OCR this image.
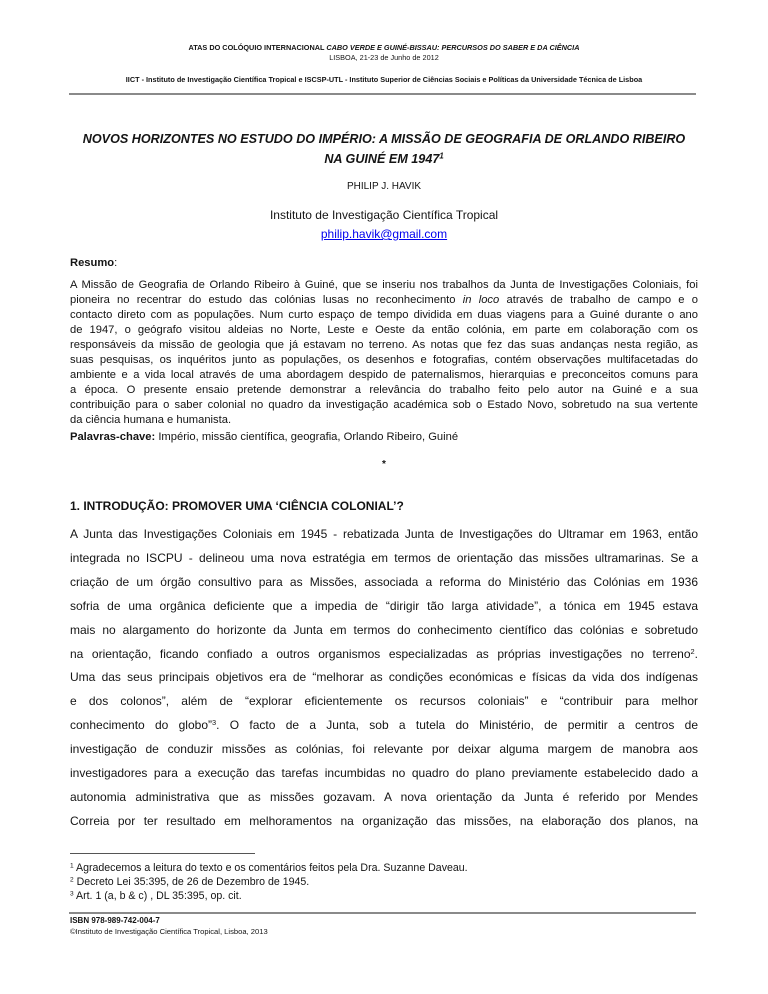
ATAS DO COLÓQUIO INTERNACIONAL CABO VERDE E GUINÉ-BISSAU: PERCURSOS DO SABER E DA CIÊNCIA
LISBOA, 21-23 de Junho de 2012
IICT - Instituto de Investigação Científica Tropical e ISCSP-UTL - Instituto Superior de Ciências Sociais e Políticas da Universidade Técnica de Lisboa
NOVOS HORIZONTES NO ESTUDO DO IMPÉRIO: A MISSÃO DE GEOGRAFIA DE ORLANDO RIBEIRO
NA GUINÉ EM 1947$^1$
PHILIP J. HAVIK
Instituto de Investigação Científica Tropical
philip.havik@gmail.com
Resumo:
A Missão de Geografia de Orlando Ribeiro à Guiné, que se inseriu nos trabalhos da Junta de Investigações Coloniais, foi
pioneira no recentrar do estudo das colónias lusas no reconhecimento in loco através de trabalho de campo e o
contacto direto com as populações. Num curto espaço de tempo dividida em duas viagens para a Guiné durante o ano
de 1947, o geógrafo visitou aldeias no Norte, Leste e Oeste da então colónia, em parte em colaboração com os
responsáveis da missão de geologia que já estavam no terreno. As notas que fez das suas andanças nesta região, as
suas pesquisas, os inquéritos junto as populações, os desenhos e fotografias, contém observações multifacetadas do
ambiente e a vida local através de uma abordagem despido de paternalismos, hierarquias e preconceitos comuns para
a época. O presente ensaio pretende demonstrar a relevância do trabalho feito pelo autor na Guiné e a sua
contribuição para o saber colonial no quadro da investigação académica sob o Estado Novo, sobretudo na sua vertente
da ciência humana e humanista.
Palavras-chave: Império, missão científica, geografia, Orlando Ribeiro, Guiné
*
1. INTRODUÇÃO: PROMOVER UMA ‘CIÊNCIA COLONIAL’?
A Junta das Investigações Coloniais em 1945 - rebatizada Junta de Investigações do Ultramar em 1963, então
integrada no ISCPU - delineou uma nova estratégia em termos de orientação das missões ultramarinas. Se a
criação de um órgão consultivo para as Missões, associada a reforma do Ministério das Colónias em 1936
sofria de uma orgânica deficiente que a impedia de “dirigir tão larga atividade”, a tónica em 1945 estava
mais no alargamento do horizonte da Junta em termos do conhecimento científico das colónias e sobretudo
na orientação, ficando confiado a outros organismos especializadas as próprias investigações no terreno$^2$.
Uma das seus principais objetivos era de “melhorar as condições económicas e físicas da vida dos indígenas
e dos colonos”, além de “explorar eficientemente os recursos coloniais” e “contribuir para melhor
conhecimento do globo”$^3$. O facto de a Junta, sob a tutela do Ministério, de permitir a centros de
investigação de conduzir missões as colónias, foi relevante por deixar alguma margem de manobra aos
investigadores para a execução das tarefas incumbidas no quadro do plano previamente estabelecido dado a
autonomia administrativa que as missões gozavam. A nova orientação da Junta é referido por Mendes
Correia por ter resultado em melhoramentos na organização das missões, na elaboração dos planos, na
$^1$ Agradecemos a leitura do texto e os comentários feitos pela Dra. Suzanne Daveau.
$^2$ Decreto Lei 35:395, de 26 de Dezembro de 1945.
$^3$ Art. 1 (a, b & c) , DL 35:395, op. cit.
ISBN 978-989-742-004-7
©Instituto de Investigação Científica Tropical, Lisboa, 2013
